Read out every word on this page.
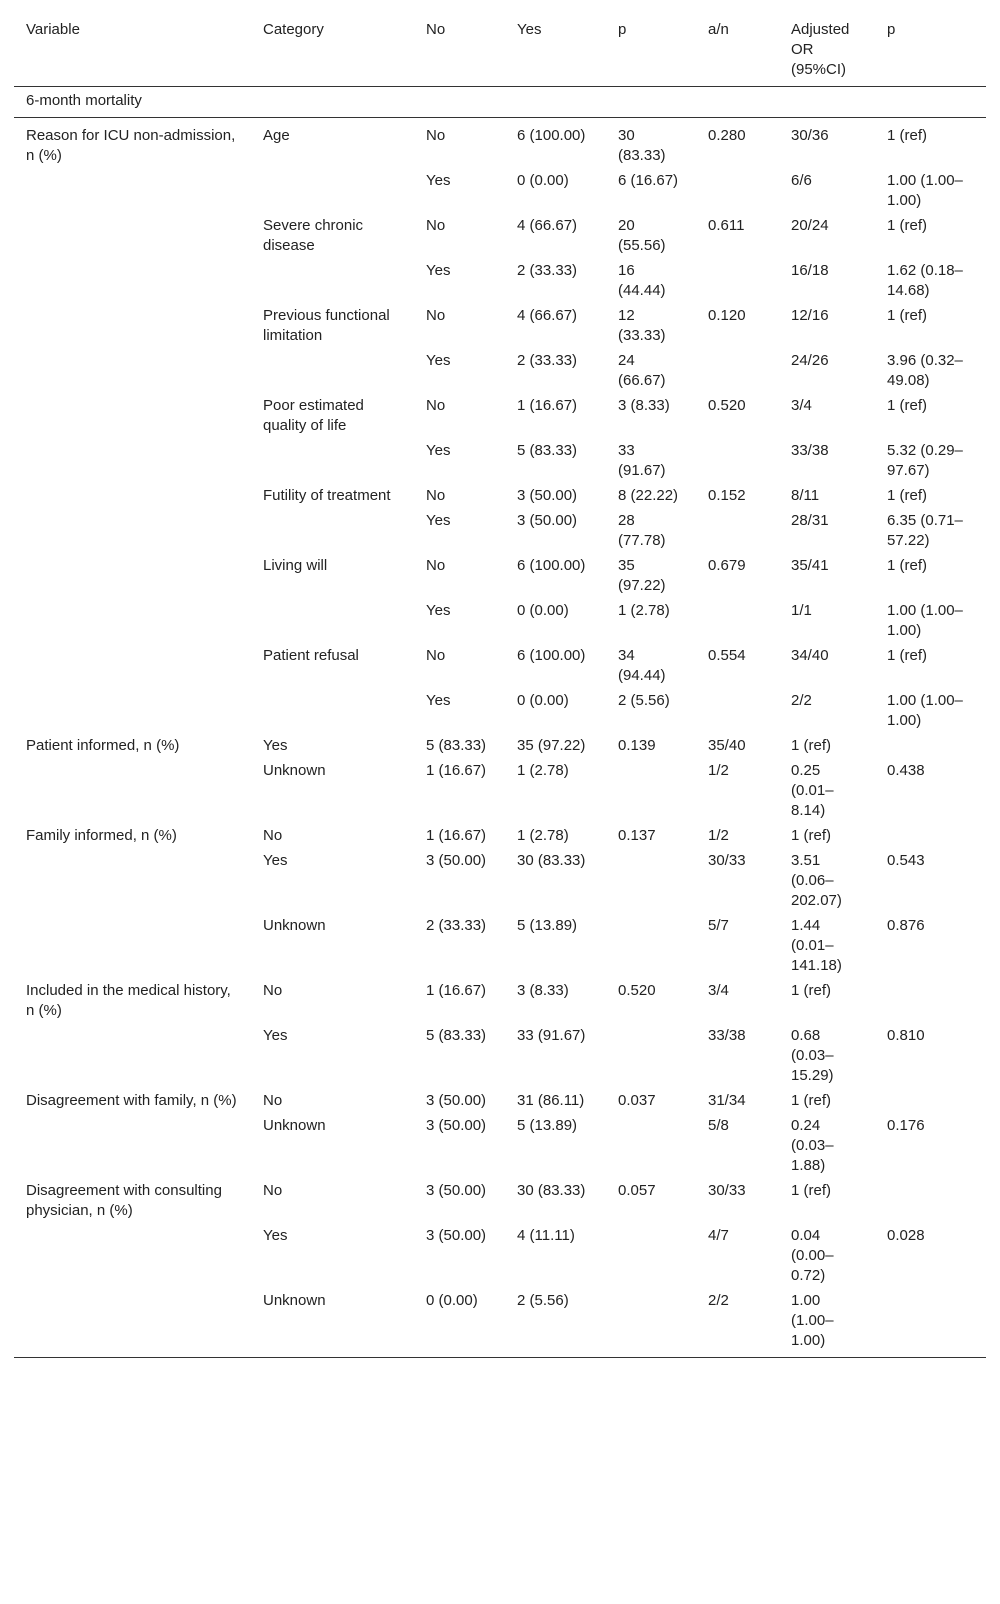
6-month mortality							
Variable	Category	No	Yes	p	a/n	Adjusted OR (95%CI)	p
Reason for ICU non-admission, n (%)	Age	No	6 (100.00)	30 (83.33)	0.280	30/36	1 (ref)
		Yes	0 (0.00)	6 (16.67)		6/6	1.00 (1.00–1.00)
	Severe chronic disease	No	4 (66.67)	20 (55.56)	0.611	20/24	1 (ref)
		Yes	2 (33.33)	16 (44.44)		16/18	1.62 (0.18–14.68)
	Previous functional limitation	No	4 (66.67)	12 (33.33)	0.120	12/16	1 (ref)
		Yes	2 (33.33)	24 (66.67)		24/26	3.96 (0.32–49.08)
	Poor estimated quality of life	No	1 (16.67)	3 (8.33)	0.520	3/4	1 (ref)
		Yes	5 (83.33)	33 (91.67)		33/38	5.32 (0.29–97.67)
	Futility of treatment	No	3 (50.00)	8 (22.22)	0.152	8/11	1 (ref)
		Yes	3 (50.00)	28 (77.78)		28/31	6.35 (0.71–57.22)
	Living will	No	6 (100.00)	35 (97.22)	0.679	35/41	1 (ref)
		Yes	0 (0.00)	1 (2.78)		1/1	1.00 (1.00–1.00)
	Patient refusal	No	6 (100.00)	34 (94.44)	0.554	34/40	1 (ref)
		Yes	0 (0.00)	2 (5.56)		2/2	1.00 (1.00–1.00)
Patient informed, n (%)	Yes	5 (83.33)	35 (97.22)	0.139	35/40	1 (ref)	
	Unknown	1 (16.67)	1 (2.78)		1/2	0.25 (0.01–8.14)	0.438
Family informed, n (%)	No	1 (16.67)	1 (2.78)	0.137	1/2	1 (ref)	
	Yes	3 (50.00)	30 (83.33)		30/33	3.51 (0.06–202.07)	0.543
	Unknown	2 (33.33)	5 (13.89)		5/7	1.44 (0.01–141.18)	0.876
Included in the medical history, n (%)	No	1 (16.67)	3 (8.33)	0.520	3/4	1 (ref)	
	Yes	5 (83.33)	33 (91.67)		33/38	0.68 (0.03–15.29)	0.810
Disagreement with family, n (%)	No	3 (50.00)	31 (86.11)	0.037	31/34	1 (ref)	
	Unknown	3 (50.00)	5 (13.89)		5/8	0.24 (0.03–1.88)	0.176
Disagreement with consulting physician, n (%)	No	3 (50.00)	30 (83.33)	0.057	30/33	1 (ref)	
	Yes	3 (50.00)	4 (11.11)		4/7	0.04 (0.00–0.72)	0.028
	Unknown	0 (0.00)	2 (5.56)		2/2	1.00 (1.00–1.00)	
